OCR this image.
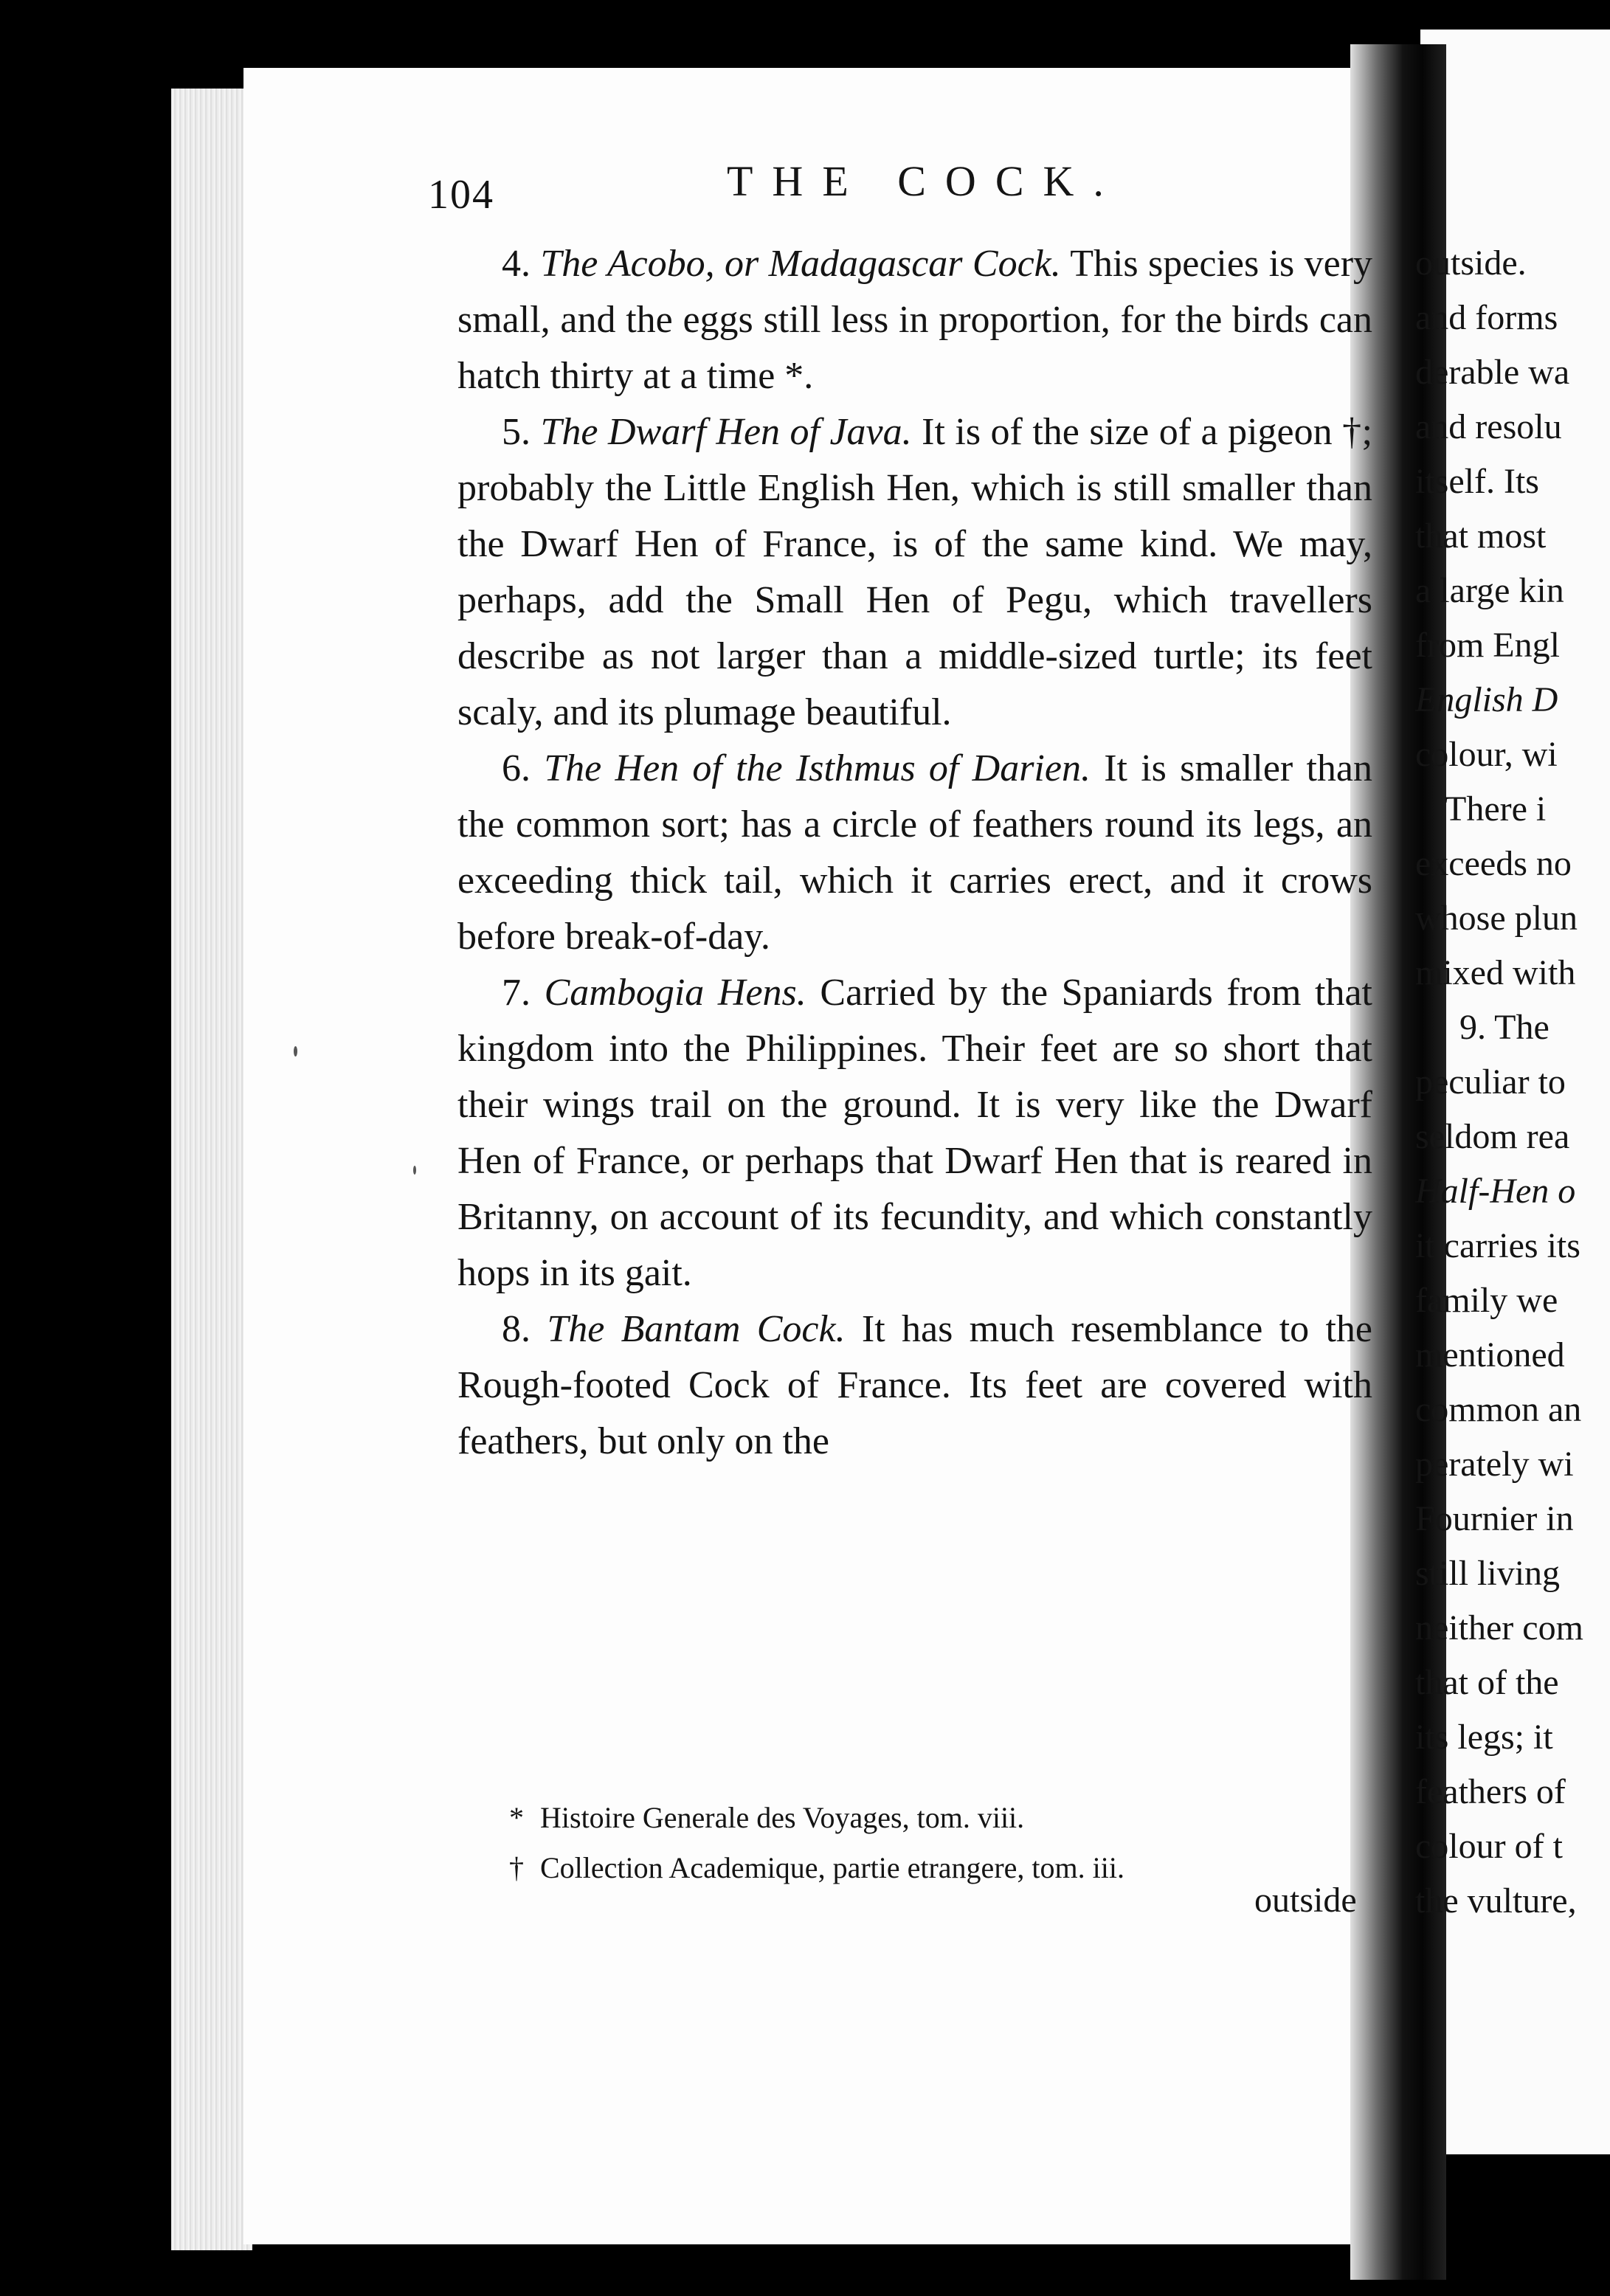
104	THE COCK.

4. The Acobo, or Madagascar Cock. This species is very small, and the eggs still less in proportion, for the birds can hatch thirty at a time *.

5. The Dwarf Hen of Java. It is of the size of a pigeon †; probably the Little English Hen, which is still smaller than the Dwarf Hen of France, is of the same kind. We may, perhaps, add the Small Hen of Pegu, which travellers describe as not larger than a middle-sized turtle; its feet scaly, and its plumage beautiful.

6. The Hen of the Isthmus of Darien. It is smaller than the common sort; has a circle of feathers round its legs, an exceeding thick tail, which it carries erect, and it crows before break-of-day.

7. Cambogia Hens. Carried by the Spaniards from that kingdom into the Philippines. Their feet are so short that their wings trail on the ground. It is very like the Dwarf Hen of France, or perhaps that Dwarf Hen that is reared in Britanny, on account of its fecundity, and which constantly hops in its gait.

8. The Bantam Cock. It has much resemblance to the Rough-footed Cock of France. Its feet are covered with feathers, but only on the

* Histoire Generale des Voyages, tom. viii.
† Collection Academique, partie etrangere, tom. iii.
outside
outside.
and forms
derable wa
and resolu
itself. Its
that most
a large kin
from Engl
English D
colour, wi
There i
exceeds no
whose plun
mixed with
9. The
peculiar to
seldom rea
Half-Hen o
it carries its
family we
mentioned
common an
perately wi
Fournier in
still living
neither com
that of the
its legs; it
feathers of
colour of t
the vulture,
